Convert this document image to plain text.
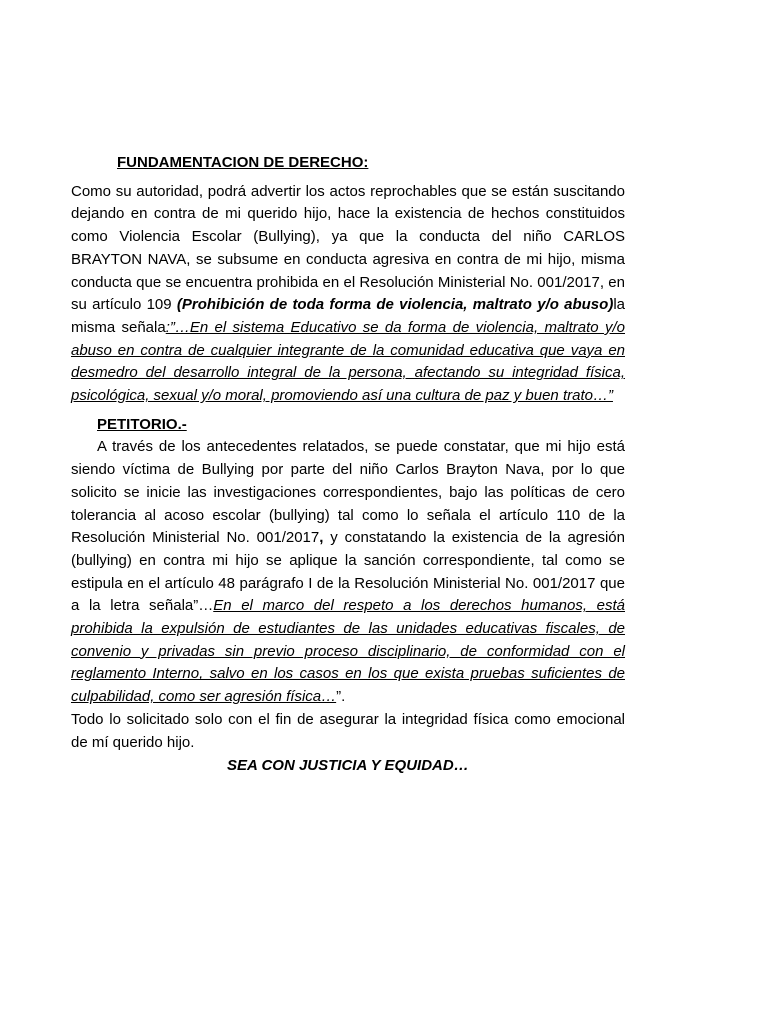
FUNDAMENTACION DE DERECHO:

Como su autoridad, podrá advertir los actos reprochables que se están suscitando dejando en contra de mi querido hijo, hace la existencia de hechos constituidos como Violencia Escolar (Bullying), ya que la conducta del niño CARLOS BRAYTON NAVA, se subsume en conducta agresiva en contra de mi hijo, misma conducta que se encuentra prohibida en el Resolución Ministerial No. 001/2017, en su artículo 109 (Prohibición de toda forma de violencia, maltrato y/o abuso)la misma señala:”…En el sistema Educativo se da forma de violencia, maltrato y/o abuso en contra de cualquier integrante de la comunidad educativa que vaya en desmedro del desarrollo integral de la persona, afectando su integridad física, psicológica, sexual y/o moral, promoviendo así una cultura de paz y buen trato…”

PETITORIO.-

A través de los antecedentes relatados, se puede constatar, que mi hijo está siendo víctima de Bullying por parte del niño Carlos Brayton Nava, por lo que solicito se inicie las investigaciones correspondientes, bajo las políticas de cero tolerancia al acoso escolar (bullying) tal como lo señala el artículo 110 de la Resolución Ministerial No. 001/2017, y constatando la existencia de la agresión (bullying) en contra mi hijo se aplique la sanción correspondiente, tal como se estipula en el artículo 48 parágrafo I de la Resolución Ministerial No. 001/2017 que a la letra señala”…En el marco del respeto a los derechos humanos, está prohibida la expulsión de estudiantes de las unidades educativas fiscales, de convenio y privadas sin previo proceso disciplinario, de conformidad con el reglamento Interno, salvo en los casos en los que exista pruebas suficientes de culpabilidad, como ser agresión física…”.

Todo lo solicitado solo con el fin de asegurar la integridad física como emocional de mí querido hijo.

SEA CON JUSTICIA Y EQUIDAD…
